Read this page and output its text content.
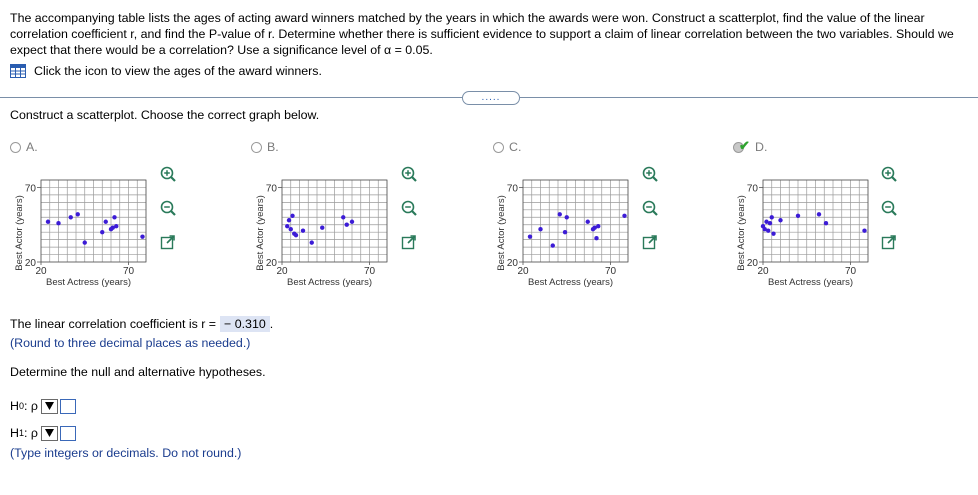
The accompanying table lists the ages of acting award winners matched by the years in which the awards were won. Construct a scatterplot, find the value of the linear correlation coefficient r, and find the P-value of r. Determine whether there is sufficient evidence to support a claim of linear correlation between the two variables. Should we expect that there would be a correlation? Use a significance level of α = 0.05.
Click the icon to view the ages of the award winners.
.....
Construct a scatterplot. Choose the correct graph below.
A.	B.	C.	✔ D.
70
20
20	70
Best Actress (years)
Best Actor (years)
70
20
20	70
Best Actress (years)
Best Actor (years)
70
20
20	70
Best Actress (years)
Best Actor (years)
70
20
20	70
Best Actress (years)
Best Actor (years)
The linear correlation coefficient is r = − 0.310 .
(Round to three decimal places as needed.)
Determine the null and alternative hypotheses.
H 0 : ρ
H 1 : ρ
(Type integers or decimals. Do not round.)
